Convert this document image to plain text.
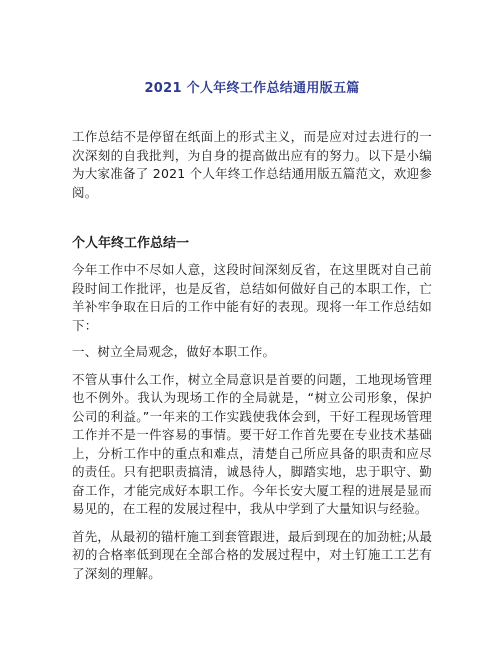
2021 个人年终工作总结通用版五篇

工作总结不是停留在纸面上的形式主义，而是应对过去进行的一次深刻的自我批判，为自身的提高做出应有的努力。以下是小编为大家准备了 2021 个人年终工作总结通用版五篇范文，欢迎参阅。

个人年终工作总结一

今年工作中不尽如人意，这段时间深刻反省，在这里既对自己前段时间工作批评，也是反省，总结如何做好自己的本职工作，亡羊补牢争取在日后的工作中能有好的表现。现将一年工作总结如下：

一、树立全局观念，做好本职工作。

不管从事什么工作，树立全局意识是首要的问题，工地现场管理也不例外。我认为现场工作的全局就是，“树立公司形象，保护公司的利益。”一年来的工作实践使我体会到，干好工程现场管理工作并不是一件容易的事情。要干好工作首先要在专业技术基础上，分析工作中的重点和难点，清楚自己所应具备的职责和应尽的责任。只有把职责搞清，诚恳待人，脚踏实地，忠于职守、勤奋工作，才能完成好本职工作。今年长安大厦工程的进展是显而易见的，在工程的发展过程中，我从中学到了大量知识与经验。

首先，从最初的锚杆施工到套管跟进，最后到现在的加劲桩;从最初的合格率低到现在全部合格的发展过程中，对土钉施工工艺有了深刻的理解。
